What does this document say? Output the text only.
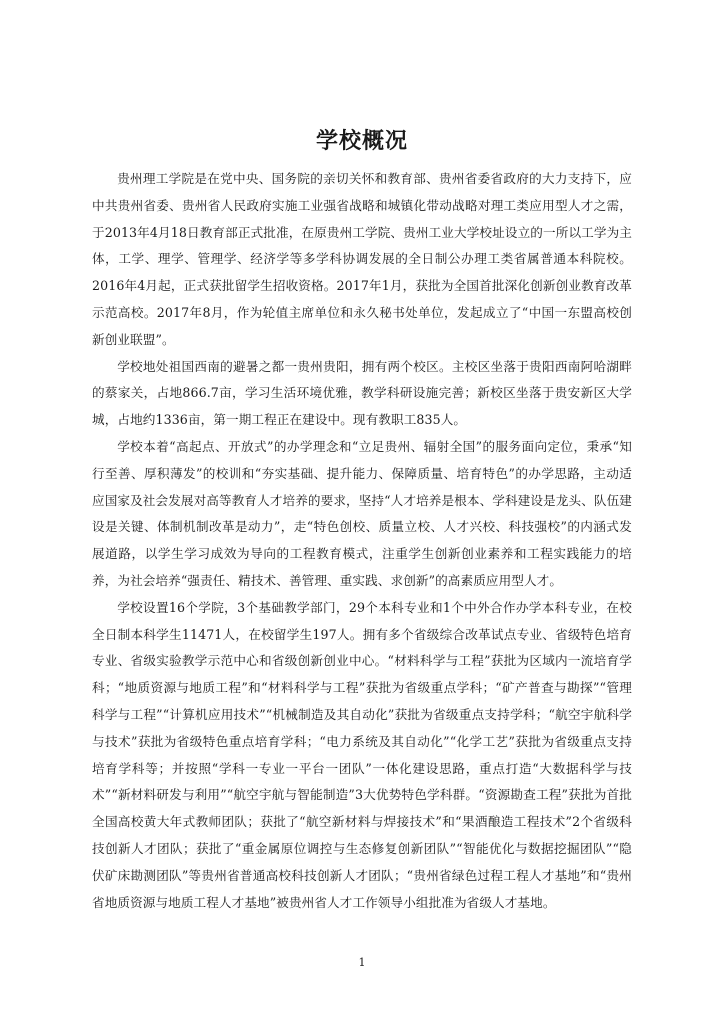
学校概况

贵州理工学院是在党中央、国务院的亲切关怀和教育部、贵州省委省政府的大力支持下，应中共贵州省委、贵州省人民政府实施工业强省战略和城镇化带动战略对理工类应用型人才之需，于2013年4月18日教育部正式批准，在原贵州工学院、贵州工业大学校址设立的一所以工学为主体，工学、理学、管理学、经济学等多学科协调发展的全日制公办理工类省属普通本科院校。2016年4月起，正式获批留学生招收资格。2017年1月，获批为全国首批深化创新创业教育改革示范高校。2017年8月，作为轮值主席单位和永久秘书处单位，发起成立了“中国一东盟高校创新创业联盟”。

学校地处祖国西南的避暑之都一贵州贵阳，拥有两个校区。主校区坐落于贵阳西南阿哈湖畔的蔡家关，占地866.7亩，学习生活环境优雅，教学科研设施完善；新校区坐落于贵安新区大学城，占地约1336亩，第一期工程正在建设中。现有教职工835人。

学校本着“高起点、开放式”的办学理念和“立足贵州、辐射全国”的服务面向定位，秉承“知行至善、厚积薄发”的校训和“夯实基础、提升能力、保障质量、培育特色”的办学思路，主动适应国家及社会发展对高等教育人才培养的要求，坚持“人才培养是根本、学科建设是龙头、队伍建设是关键、体制机制改革是动力”，走“特色创校、质量立校、人才兴校、科技强校”的内涵式发展道路，以学生学习成效为导向的工程教育模式，注重学生创新创业素养和工程实践能力的培养，为社会培养“强责任、精技术、善管理、重实践、求创新”的高素质应用型人才。

学校设置16个学院，3个基础教学部门，29个本科专业和1个中外合作办学本科专业，在校全日制本科学生11471人，在校留学生197人。拥有多个省级综合改革试点专业、省级特色培育专业、省级实验教学示范中心和省级创新创业中心。“材料科学与工程”获批为区域内一流培育学科；“地质资源与地质工程”和“材料科学与工程”获批为省级重点学科；“矿产普查与勘探”“管理科学与工程”“计算机应用技术”“机械制造及其自动化”获批为省级重点支持学科；“航空宇航科学与技术”获批为省级特色重点培育学科；“电力系统及其自动化”“化学工艺”获批为省级重点支持培育学科等；并按照“学科一专业一平台一团队”一体化建设思路，重点打造“大数据科学与技术”“新材料研发与利用”“航空宇航与智能制造”3大优势特色学科群。“资源勘查工程”获批为首批全国高校黄大年式教师团队；获批了“航空新材料与焊接技术”和“果酒酿造工程技术”2个省级科技创新人才团队；获批了“重金属原位调控与生态修复创新团队”“智能优化与数据挖掘团队”“隐伏矿床勘测团队”等贵州省普通高校科技创新人才团队；“贵州省绿色过程工程人才基地”和“贵州省地质资源与地质工程人才基地”被贵州省人才工作领导小组批准为省级人才基地。

1
